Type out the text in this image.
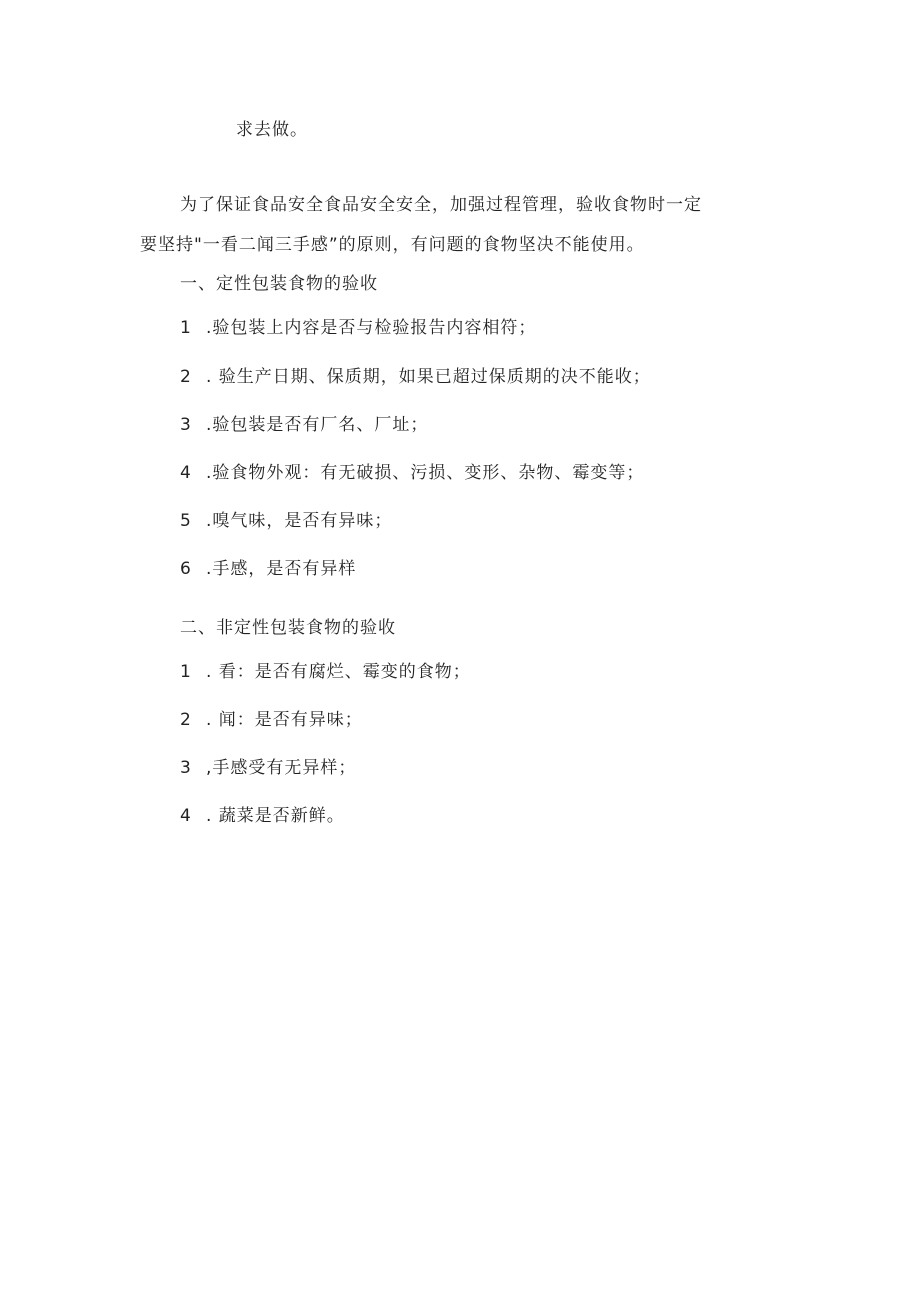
求去做。
为了保证食品安全食品安全安全，加强过程管理，验收食物时一定
要坚持"一看二闻三手感”的原则，有问题的食物坚决不能使用。
一、定性包装食物的验收
1 .验包装上内容是否与检验报告内容相符；
2 . 验生产日期、保质期，如果已超过保质期的决不能收；
3 .验包装是否有厂名、厂址；
4 .验食物外观：有无破损、污损、变形、杂物、霉变等；
5 .嗅气味，是否有异味；
6 .手感，是否有异样
二、非定性包装食物的验收
1 . 看：是否有腐烂、霉变的食物；
2 . 闻：是否有异味；
3 ,手感受有无异样；
4 . 蔬菜是否新鲜。
